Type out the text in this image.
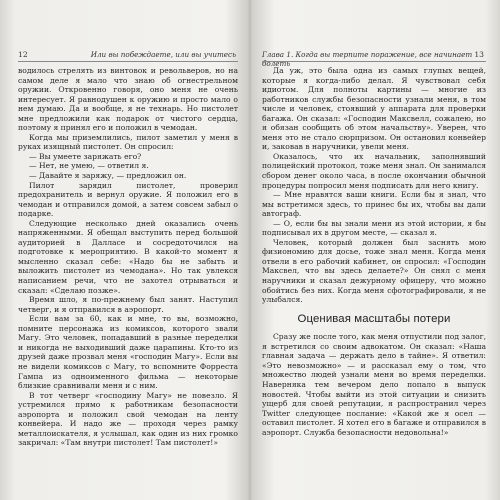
12	Или вы побеждаете, или вы учитесь

водилось стрелять из винтовок и револьверов, но на самом деле я мало что знаю об огнестрельном оружии. Откровенно говоря, оно меня не очень интересует. Я равнодушен к оружию и просто мало о нем думаю. Да и вообще, я не технарь. Но пистолет мне предложили как подарок от чистого сердца, поэтому я принял его и положил в чемодан.

Когда мы приземлились, пилот заметил у меня в руках изящный пистолет. Он спросил:

— Вы умеете заряжать его?

— Нет, не умею, — ответил я.

— Давайте я заряжу, — предложил он.

Пилот зарядил пистолет, проверил предохранитель и вернул оружие. Я положил его в чемодан и отправился домой, а затем совсем забыл о подарке.

Следующие несколько дней оказались очень напряженными. Я обещал выступить перед большой аудиторией в Далласе и сосредоточился на подготовке к мероприятию. В какой-то момент я мысленно сказал себе: «Надо бы не забыть и выложить пистолет из чемодана». Но так увлекся написанием речи, что не захотел отрываться и сказал: «Сделаю позже».

Время шло, я по-прежнему был занят. Наступил четверг, и я отправился в аэропорт.

Если вам за 60, как и мне, то вы, возможно, помните персонажа из комиксов, которого звали Магу. Это человек, попадавший в разные переделки и никогда не выходивший даже царапины. Кто-то из друзей даже прозвал меня «господин Магу». Если вы не видели комиксов с Магу, то вспомните Форреста Гампа из одноименного фильма — некоторые близкие сравнивали меня и с ним.

В тот четверг «господину Магу» не повезло. Я устремился прямо к работникам безопасности аэропорта и положил свой чемодан на ленту конвейера. И надо же — проходя через рамку металлоискателя, я услышал, как один из них громко закричал: «Там внутри пистолет! Там пистолет!»

Глава 1. Когда вы терпите поражение, все начинает болеть
13

Да уж, это была одна из самых глупых вещей, которые я когда-либо делал. Я чувствовал себя идиотом. Для полноты картины — многие из работников службы безопасности узнали меня, в том числе и человек, стоявший у аппарата для проверки багажа. Он сказал: «Господин Максвелл, сожалею, но я обязан сообщить об этом начальству». Уверен, что меня это не стало сюрпризом. Он остановил конвейер и, заковав в наручники, увели меня.

Оказалось, что их начальник, заполнявший полицейский протокол, тоже меня знал. Он занимался сбором денег около часа, в после окончания обычной процедуры попросил меня подписать для него книгу.

— Мне нравятся ваши книги. Если бы я знал, что мы встретимся здесь, то принес бы их, чтобы вы дали автограф.

— О, если бы вы знали меня из этой истории, я бы подписывал их в другом месте, — сказал я.

Человек, который должен был заснять мою физиономию для досье, тоже знал меня. Когда меня отвели в его рабочий кабинет, он спросил: «Господин Максвел, что вы здесь делаете?» Он снял с меня наручники и сказал дежурному офицеру, что можно обойтись без них. Когда меня сфотографировали, я не улыбался.

Оценивая масштабы потери

Сразу же после того, как меня отпустили под залог, я встретился со своим адвокатом. Он сказал: «Наша главная задача — держать дело в тайне». Я ответил: «Это невозможно» — и рассказал ему о том, что множество людей узнали меня во время переделки. Наверняка тем вечером дело попало в выпуск новостей. Чтобы выйти из этой ситуации и снизить ущерб для своей репутации, я распространил через Twitter следующее послание: «Какой же я осел — оставил пистолет. Я хотел его в багаже и отправился в аэропорт. Служба безопасности недовольна!»
